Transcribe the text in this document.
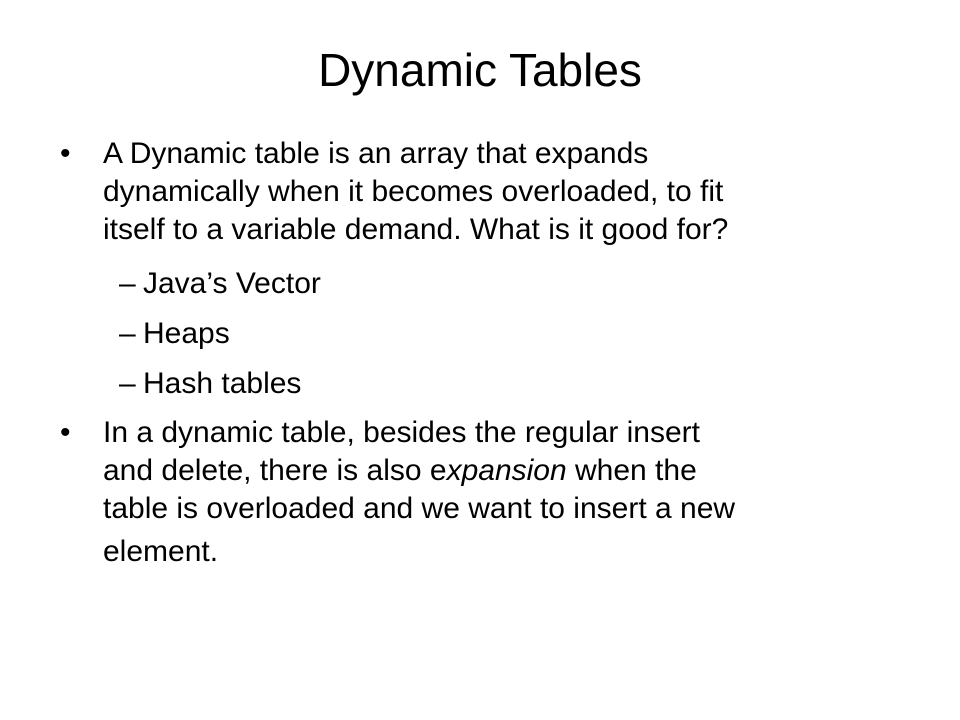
Dynamic Tables
•	A Dynamic table is an array that expands
dynamically when it becomes overloaded, to fit
itself to a variable demand. What is it good for?
– Java’s Vector
– Heaps
– Hash tables
•	In a dynamic table, besides the regular insert
and delete, there is also expansion when the
table is overloaded and we want to insert a new
element.
